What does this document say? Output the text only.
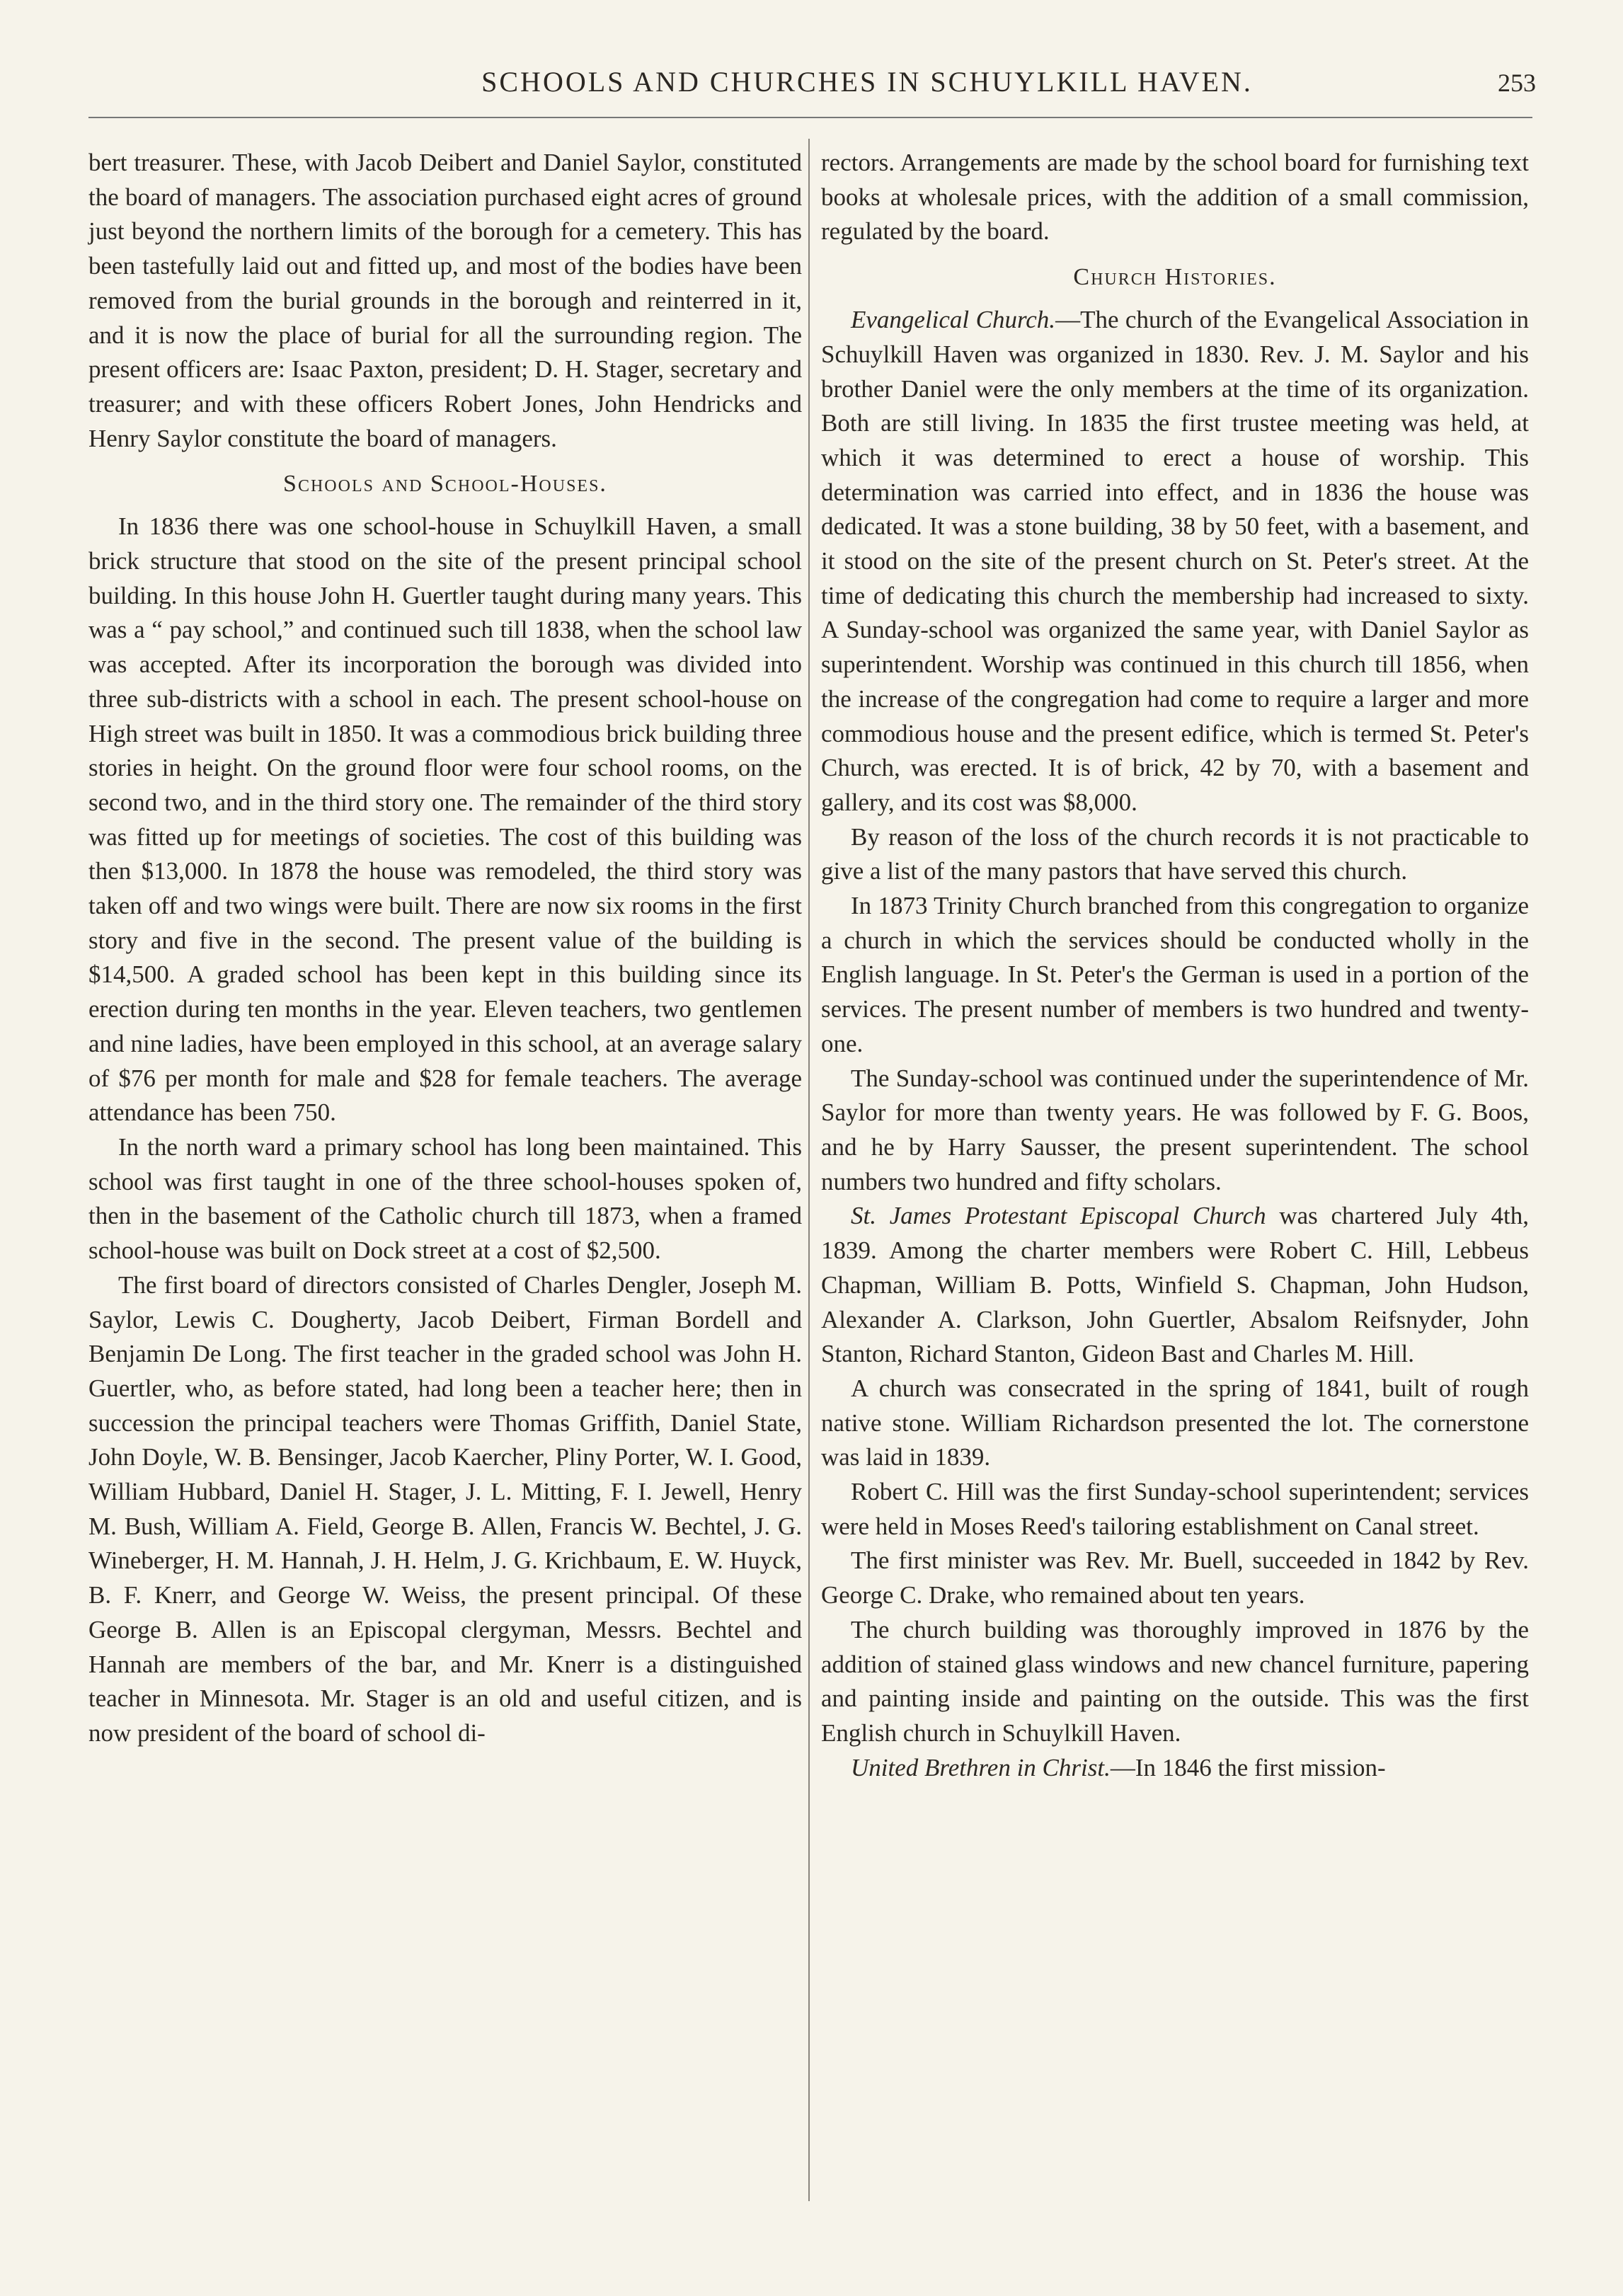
SCHOOLS AND CHURCHES IN SCHUYLKILL HAVEN.	253

bert treasurer. These, with Jacob Deibert and Daniel Saylor, constituted the board of managers. The association purchased eight acres of ground just beyond the northern limits of the borough for a cemetery. This has been tastefully laid out and fitted up, and most of the bodies have been removed from the burial grounds in the borough and reinterred in it, and it is now the place of burial for all the surrounding region. The present officers are: Isaac Paxton, president; D. H. Stager, secretary and treasurer; and with these officers Robert Jones, John Hendricks and Henry Saylor constitute the board of managers.

Schools and School-Houses.

In 1836 there was one school-house in Schuylkill Haven, a small brick structure that stood on the site of the present principal school building. In this house John H. Guertler taught during many years. This was a “ pay school,” and continued such till 1838, when the school law was accepted. After its incorporation the borough was divided into three sub-districts with a school in each. The present school-house on High street was built in 1850. It was a commodious brick building three stories in height. On the ground floor were four school rooms, on the second two, and in the third story one. The remainder of the third story was fitted up for meetings of societies. The cost of this building was then $13,000. In 1878 the house was remodeled, the third story was taken off and two wings were built. There are now six rooms in the first story and five in the second. The present value of the building is $14,500. A graded school has been kept in this building since its erection during ten months in the year. Eleven teachers, two gentlemen and nine ladies, have been employed in this school, at an average salary of $76 per month for male and $28 for female teachers. The average attendance has been 750.

In the north ward a primary school has long been maintained. This school was first taught in one of the three school-houses spoken of, then in the basement of the Catholic church till 1873, when a framed school-house was built on Dock street at a cost of $2,500.

The first board of directors consisted of Charles Dengler, Joseph M. Saylor, Lewis C. Dougherty, Jacob Deibert, Firman Bordell and Benjamin De Long. The first teacher in the graded school was John H. Guertler, who, as before stated, had long been a teacher here; then in succession the principal teachers were Thomas Griffith, Daniel State, John Doyle, W. B. Bensinger, Jacob Kaercher, Pliny Porter, W. I. Good, William Hubbard, Daniel H. Stager, J. L. Mitting, F. I. Jewell, Henry M. Bush, William A. Field, George B. Allen, Francis W. Bechtel, J. G. Wineberger, H. M. Hannah, J. H. Helm, J. G. Krichbaum, E. W. Huyck, B. F. Knerr, and George W. Weiss, the present principal. Of these George B. Allen is an Episcopal clergyman, Messrs. Bechtel and Hannah are members of the bar, and Mr. Knerr is a distinguished teacher in Minnesota. Mr. Stager is an old and useful citizen, and is now president of the board of school di-

rectors. Arrangements are made by the school board for furnishing text books at wholesale prices, with the addition of a small commission, regulated by the board.

Church Histories.

Evangelical Church.—The church of the Evangelical Association in Schuylkill Haven was organized in 1830. Rev. J. M. Saylor and his brother Daniel were the only members at the time of its organization. Both are still living. In 1835 the first trustee meeting was held, at which it was determined to erect a house of worship. This determination was carried into effect, and in 1836 the house was dedicated. It was a stone building, 38 by 50 feet, with a basement, and it stood on the site of the present church on St. Peter's street. At the time of dedicating this church the membership had increased to sixty. A Sunday-school was organized the same year, with Daniel Saylor as superintendent. Worship was continued in this church till 1856, when the increase of the congregation had come to require a larger and more commodious house and the present edifice, which is termed St. Peter's Church, was erected. It is of brick, 42 by 70, with a basement and gallery, and its cost was $8,000.

By reason of the loss of the church records it is not practicable to give a list of the many pastors that have served this church.

In 1873 Trinity Church branched from this congregation to organize a church in which the services should be conducted wholly in the English language. In St. Peter's the German is used in a portion of the services. The present number of members is two hundred and twenty-one.

The Sunday-school was continued under the superintendence of Mr. Saylor for more than twenty years. He was followed by F. G. Boos, and he by Harry Sausser, the present superintendent. The school numbers two hundred and fifty scholars.

St. James Protestant Episcopal Church was chartered July 4th, 1839. Among the charter members were Robert C. Hill, Lebbeus Chapman, William B. Potts, Winfield S. Chapman, John Hudson, Alexander A. Clarkson, John Guertler, Absalom Reifsnyder, John Stanton, Richard Stanton, Gideon Bast and Charles M. Hill.

A church was consecrated in the spring of 1841, built of rough native stone. William Richardson presented the lot. The cornerstone was laid in 1839.

Robert C. Hill was the first Sunday-school superintendent; services were held in Moses Reed's tailoring establishment on Canal street.

The first minister was Rev. Mr. Buell, succeeded in 1842 by Rev. George C. Drake, who remained about ten years.

The church building was thoroughly improved in 1876 by the addition of stained glass windows and new chancel furniture, papering and painting inside and painting on the outside. This was the first English church in Schuylkill Haven.

United Brethren in Christ.—In 1846 the first mission-
